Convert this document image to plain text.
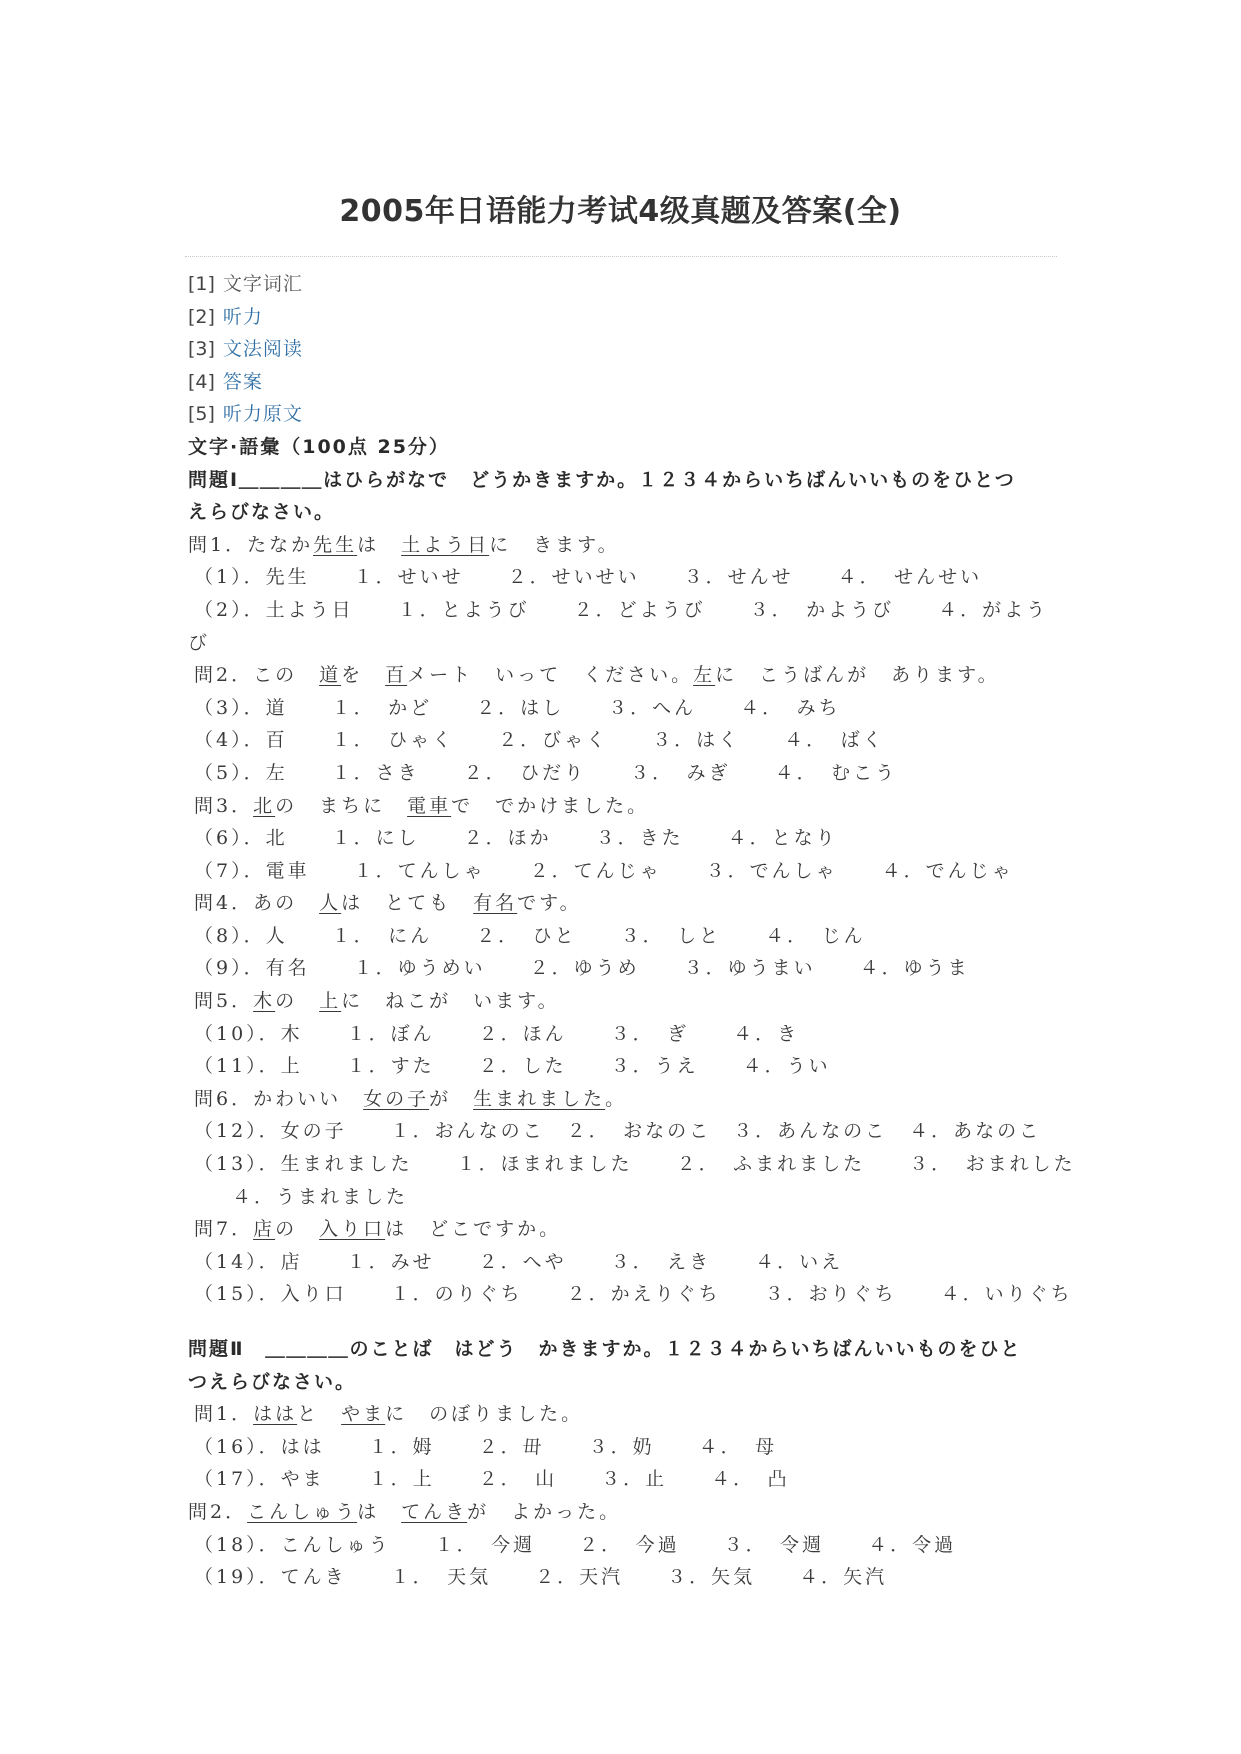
2005年日语能力考试4级真题及答案(全)
[1] 文字词汇
[2] 听力
[3] 文法阅读
[4] 答案
[5] 听力原文
文字·語彙（100点 25分）
問題Ⅰ＿＿＿＿はひらがなで　どうかきますか。１２３４からいちばんいいものをひとつ
えらびなさい。
問1．たなか先生は　土よう日に　きます。
（1）．先生　　１．せいせ　　２．せいせい　　３．せんせ　　４．　せんせい
（2）．土よう日　　１．とようび　　２．どようび　　３．　かようび　　４．がよう
び
問2．この　道を　百メート　いって　ください。左に　こうばんが　あります。
（3）．道　　１．　かど　　２．はし　　３．へん　　４．　みち
（4）．百　　１．　ひゃく　　２．びゃく　　３．はく　　４．　ばく
（5）．左　　１．さき　　２．　ひだり　　３．　みぎ　　４．　むこう
問3．北の　まちに　電車で　でかけました。
（6）．北　　１．にし　　２．ほか　　３．きた　　４．となり
（7）．電車　　１．てんしゃ　　２．てんじゃ　　３．でんしゃ　　４．でんじゃ
問4．あの　人は　とても　有名です。
（8）．人　　１．　にん　　２．　ひと　　３．　しと　　４．　じん
（9）．有名　　１．ゆうめい　　２．ゆうめ　　３．ゆうまい　　４．ゆうま
問5．木の　上に　ねこが　います。
（10）．木　　１．ぼん　　２．ほん　　３．　ぎ　　４．き
（11）．上　　１．すた　　２．した　　３．うえ　　４．うい
問6．かわいい　女の子が　生まれました。
（12）．女の子　　１．おんなのこ　２．　おなのこ　３．あんなのこ　４．あなのこ
（13）．生まれました　　１．ほまれました　　２．　ふまれました　　３．　おまれした
４．うまれました
問7．店の　入り口は　どこですか。
（14）．店　　１．みせ　　２．へや　　３．　えき　　４．いえ
（15）．入り口　　１．のりぐち　　２．かえりぐち　　３．おりぐち　　４．いりぐち
問題Ⅱ　＿＿＿＿のことば　はどう　かきますか。１２３４からいちばんいいものをひと
つえらびなさい。
問1．ははと　やまに　のぼりました。
（16）．はは　　１．姆　　２．毌　　３．奶　　４．　母
（17）．やま　　１．上　　２．　山　　３．止　　４．　凸
問2．こんしゅうは　てんきが　よかった。
（18）．こんしゅう　　１．　今週　　２．　今過　　３．　令週　　４．令過
（19）．てんき　　１．　天気　　２．天汽　　３．矢気　　４．矢汽
